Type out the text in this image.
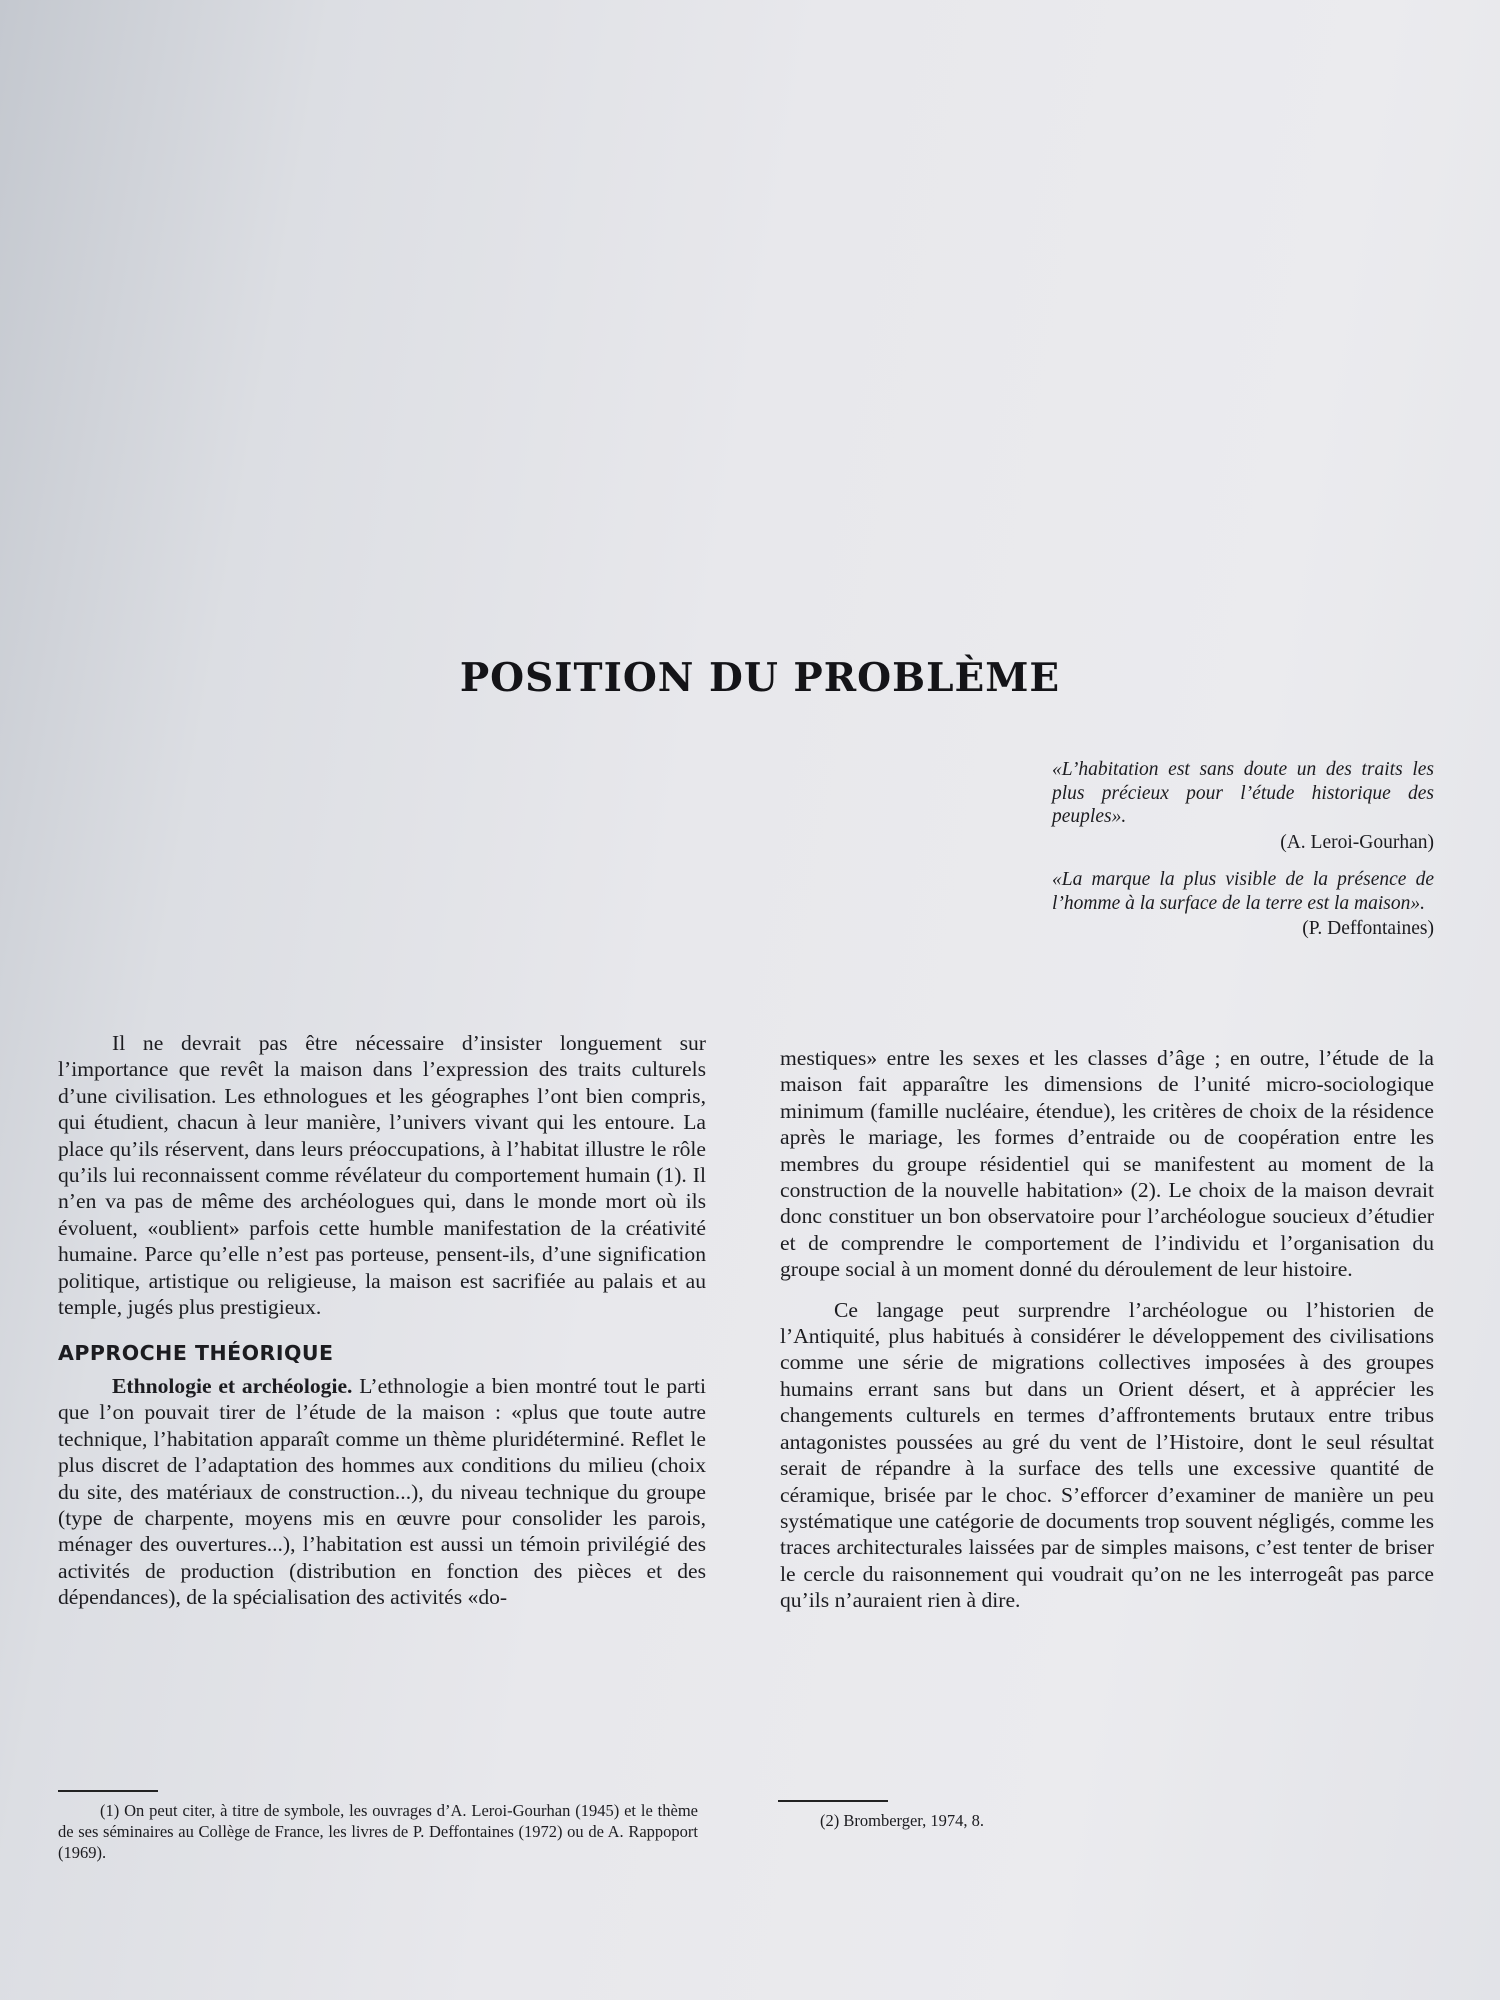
POSITION DU PROBLÈME

«L’habitation est sans doute un des traits les plus précieux pour l’étude historique des peuples».

(A. Leroi-Gourhan)

«La marque la plus visible de la présence de l’homme à la surface de la terre est la maison».

(P. Deffontaines)

Il ne devrait pas être nécessaire d’insister longuement sur l’importance que revêt la maison dans l’expression des traits culturels d’une civilisation. Les ethnologues et les géographes l’ont bien compris, qui étudient, chacun à leur manière, l’univers vivant qui les entoure. La place qu’ils réservent, dans leurs préoccupations, à l’habitat illustre le rôle qu’ils lui reconnaissent comme révélateur du comportement humain (1). Il n’en va pas de même des archéologues qui, dans le monde mort où ils évoluent, «oublient» parfois cette humble manifestation de la créativité humaine. Parce qu’elle n’est pas porteuse, pensent-ils, d’une signification politique, artistique ou religieuse, la maison est sacrifiée au palais et au temple, jugés plus prestigieux.

APPROCHE THÉORIQUE

Ethnologie et archéologie. L’ethnologie a bien montré tout le parti que l’on pouvait tirer de l’étude de la maison : «plus que toute autre technique, l’habitation apparaît comme un thème pluridéterminé. Reflet le plus discret de l’adaptation des hommes aux conditions du milieu (choix du site, des matériaux de construction...), du niveau technique du groupe (type de charpente, moyens mis en œuvre pour consolider les parois, ménager des ouvertures...), l’habitation est aussi un témoin privilégié des activités de production (distribution en fonction des pièces et des dépendances), de la spécialisation des activités «do-

mestiques» entre les sexes et les classes d’âge ; en outre, l’étude de la maison fait apparaître les dimensions de l’unité micro-sociologique minimum (famille nucléaire, étendue), les critères de choix de la résidence après le mariage, les formes d’entraide ou de coopération entre les membres du groupe résidentiel qui se manifestent au moment de la construction de la nouvelle habitation» (2). Le choix de la maison devrait donc constituer un bon observatoire pour l’archéologue soucieux d’étudier et de comprendre le comportement de l’individu et l’organisation du groupe social à un moment donné du déroulement de leur histoire.

Ce langage peut surprendre l’archéologue ou l’historien de l’Antiquité, plus habitués à considérer le développement des civilisations comme une série de migrations collectives imposées à des groupes humains errant sans but dans un Orient désert, et à apprécier les changements culturels en termes d’affrontements brutaux entre tribus antagonistes poussées au gré du vent de l’Histoire, dont le seul résultat serait de répandre à la surface des tells une excessive quantité de céramique, brisée par le choc. S’efforcer d’examiner de manière un peu systématique une catégorie de documents trop souvent négligés, comme les traces architecturales laissées par de simples maisons, c’est tenter de briser le cercle du raisonnement qui voudrait qu’on ne les interrogeât pas parce qu’ils n’auraient rien à dire.

(1) On peut citer, à titre de symbole, les ouvrages d’A. Leroi-Gourhan (1945) et le thème de ses séminaires au Collège de France, les livres de P. Deffontaines (1972) ou de A. Rappoport (1969).
(2) Bromberger, 1974, 8.
